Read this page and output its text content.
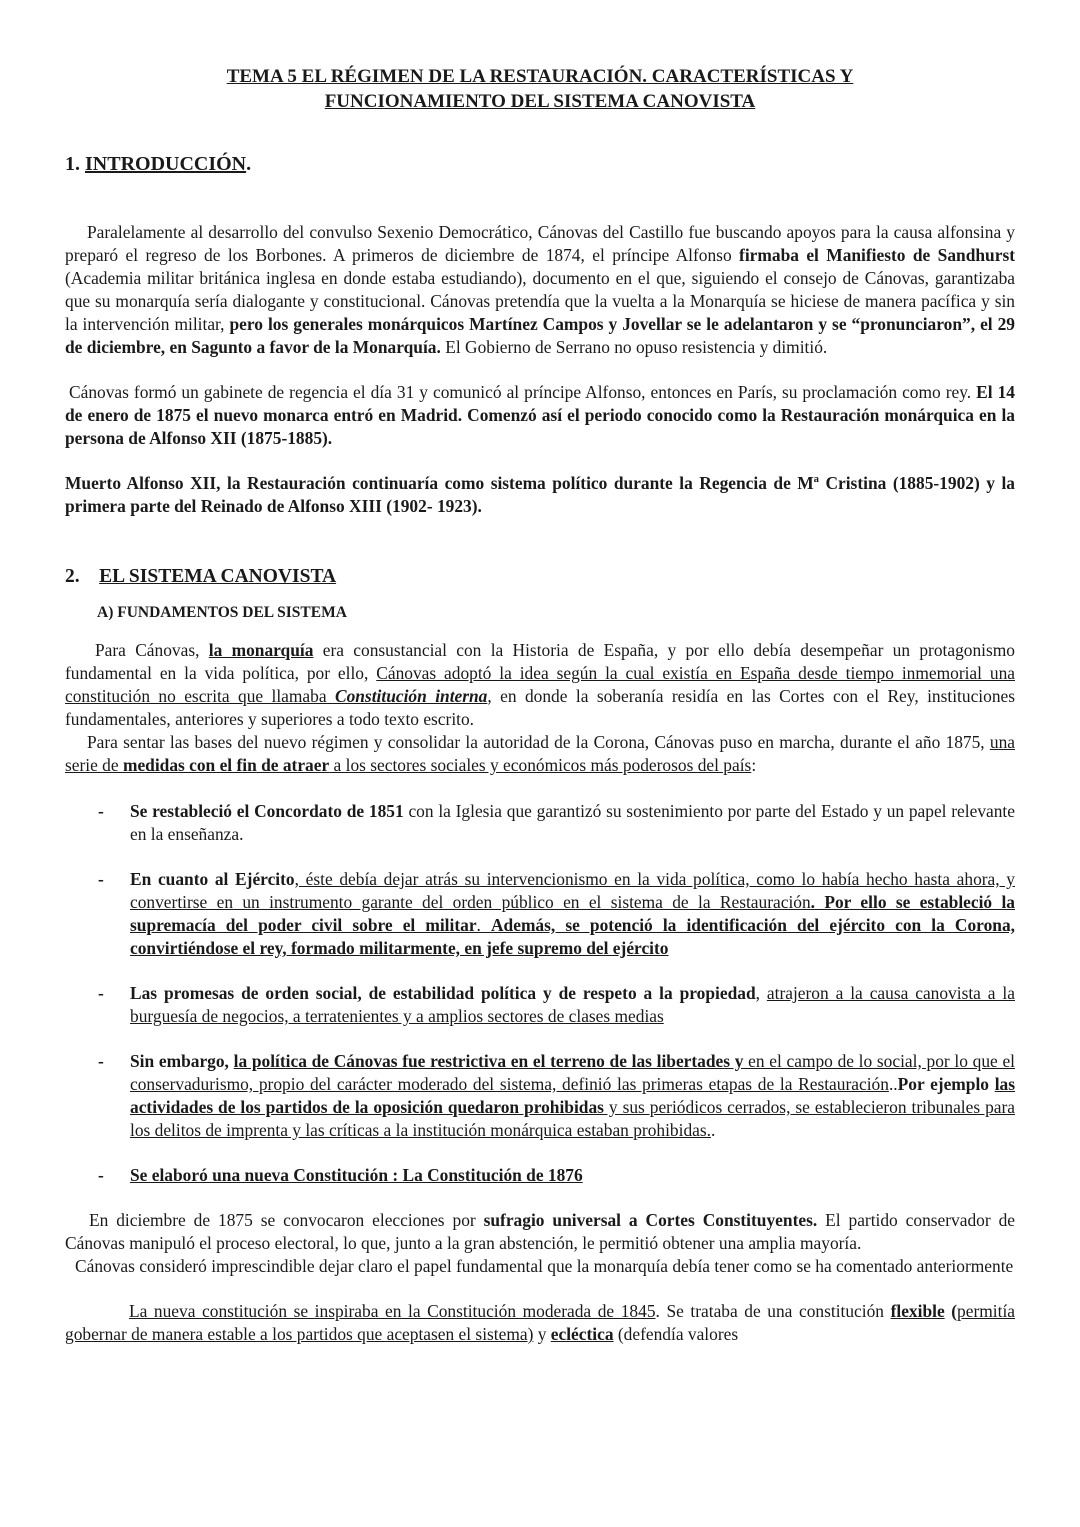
TEMA 5 EL RÉGIMEN DE LA RESTAURACIÓN. CARACTERÍSTICAS Y
FUNCIONAMIENTO DEL SISTEMA CANOVISTA
1. INTRODUCCIÓN.

Paralelamente al desarrollo del convulso Sexenio Democrático, Cánovas del Castillo fue buscando apoyos para la causa alfonsina y preparó el regreso de los Borbones. A primeros de diciembre de 1874, el príncipe Alfonso firmaba el Manifiesto de Sandhurst (Academia militar británica inglesa en donde estaba estudiando), documento en el que, siguiendo el consejo de Cánovas, garantizaba que su monarquía sería dialogante y constitucional. Cánovas pretendía que la vuelta a la Monarquía se hiciese de manera pacífica y sin la intervención militar, pero los generales monárquicos Martínez Campos y Jovellar se le adelantaron y se “pronunciaron”, el 29 de diciembre, en Sagunto a favor de la Monarquía. El Gobierno de Serrano no opuso resistencia y dimitió.

Cánovas formó un gabinete de regencia el día 31 y comunicó al príncipe Alfonso, entonces en París, su proclamación como rey. El 14 de enero de 1875 el nuevo monarca entró en Madrid. Comenzó así el periodo conocido como la Restauración monárquica en la persona de Alfonso XII (1875-1885).

Muerto Alfonso XII, la Restauración continuaría como sistema político durante la Regencia de Mª Cristina (1885-1902) y la primera parte del Reinado de Alfonso XIII (1902- 1923).

2. EL SISTEMA CANOVISTA
A) FUNDAMENTOS DEL SISTEMA

Para Cánovas, la monarquía era consustancial con la Historia de España, y por ello debía desempeñar un protagonismo fundamental en la vida política, por ello, Cánovas adoptó la idea según la cual existía en España desde tiempo inmemorial una constitución no escrita que llamaba Constitución interna, en donde la soberanía residía en las Cortes con el Rey, instituciones fundamentales, anteriores y superiores a todo texto escrito.

Para sentar las bases del nuevo régimen y consolidar la autoridad de la Corona, Cánovas puso en marcha, durante el año 1875, una serie de medidas con el fin de atraer a los sectores sociales y económicos más poderosos del país:

- Se restableció el Concordato de 1851 con la Iglesia que garantizó su sostenimiento por parte del Estado y un papel relevante en la enseñanza.

- En cuanto al Ejército, éste debía dejar atrás su intervencionismo en la vida política, como lo había hecho hasta ahora, y convertirse en un instrumento garante del orden público en el sistema de la Restauración. Por ello se estableció la supremacía del poder civil sobre el militar. Además, se potenció la identificación del ejército con la Corona, convirtiéndose el rey, formado militarmente, en jefe supremo del ejército

- Las promesas de orden social, de estabilidad política y de respeto a la propiedad, atrajeron a la causa canovista a la burguesía de negocios, a terratenientes y a amplios sectores de clases medias

- Sin embargo, la política de Cánovas fue restrictiva en el terreno de las libertades y en el campo de lo social, por lo que el conservadurismo, propio del carácter moderado del sistema, definió las primeras etapas de la Restauración..Por ejemplo las actividades de los partidos de la oposición quedaron prohibidas y sus periódicos cerrados, se establecieron tribunales para los delitos de imprenta y las críticas a la institución monárquica estaban prohibidas..

- Se elaboró una nueva Constitución : La Constitución de 1876

En diciembre de 1875 se convocaron elecciones por sufragio universal a Cortes Constituyentes. El partido conservador de Cánovas manipuló el proceso electoral, lo que, junto a la gran abstención, le permitió obtener una amplia mayoría.

Cánovas consideró imprescindible dejar claro el papel fundamental que la monarquía debía tener como se ha comentado anteriormente

La nueva constitución se inspiraba en la Constitución moderada de 1845. Se trataba de una constitución flexible (permitía gobernar de manera estable a los partidos que aceptasen el sistema) y ecléctica (defendía valores
